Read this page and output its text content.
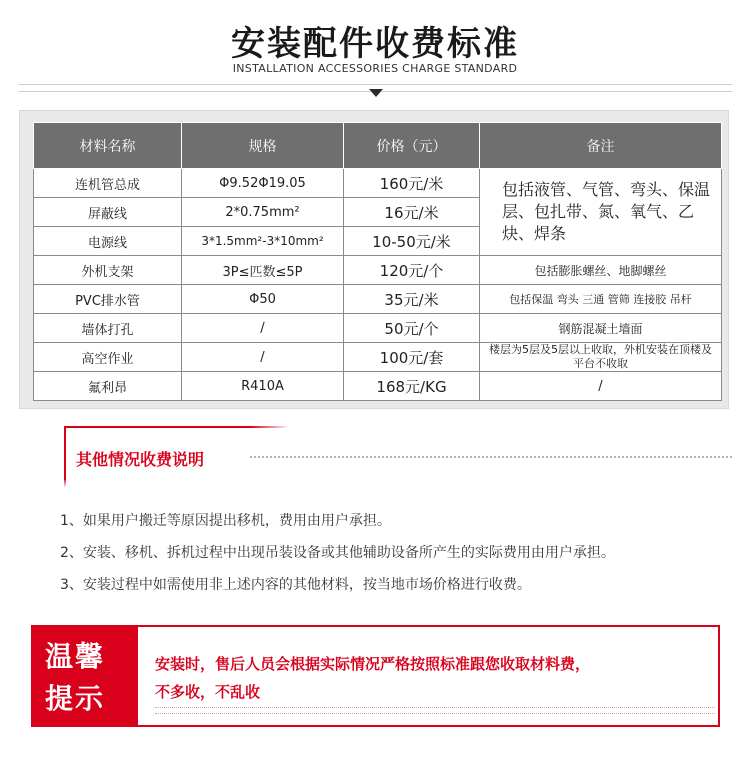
安装配件收费标准
INSTALLATION ACCESSORIES CHARGE STANDARD
材料名称	规格	价格（元）	备注
连机管总成	Φ9.52Φ19.05	160元/米	包括液管、气管、弯头、保温层、包扎带、氮、氧气、乙炔、焊条
屏蔽线	2*0.75mm²	16元/米	
电源线	3*1.5mm²-3*10mm²	10-50元/米	
外机支架	3P≤匹数≤5P	120元/个	包括膨胀螺丝、地脚螺丝
PVC排水管	Φ50	35元/米	包括保温 弯头 三通 管筛 连接胶 吊杆
墙体打孔	/	50元/个	钢筋混凝土墙面
高空作业	/	100元/套	楼层为5层及5层以上收取，外机安装在顶楼及平台不收取
氟利昂	R410A	168元/KG	/
其他情况收费说明
1、如果用户搬迁等原因提出移机，费用由用户承担。
2、安装、移机、拆机过程中出现吊装设备或其他辅助设备所产生的实际费用由用户承担。
3、安装过程中如需使用非上述内容的其他材料，按当地市场价格进行收费。
温馨
提示
安装时，售后人员会根据实际情况严格按照标准跟您收取材料费，
不多收，不乱收
